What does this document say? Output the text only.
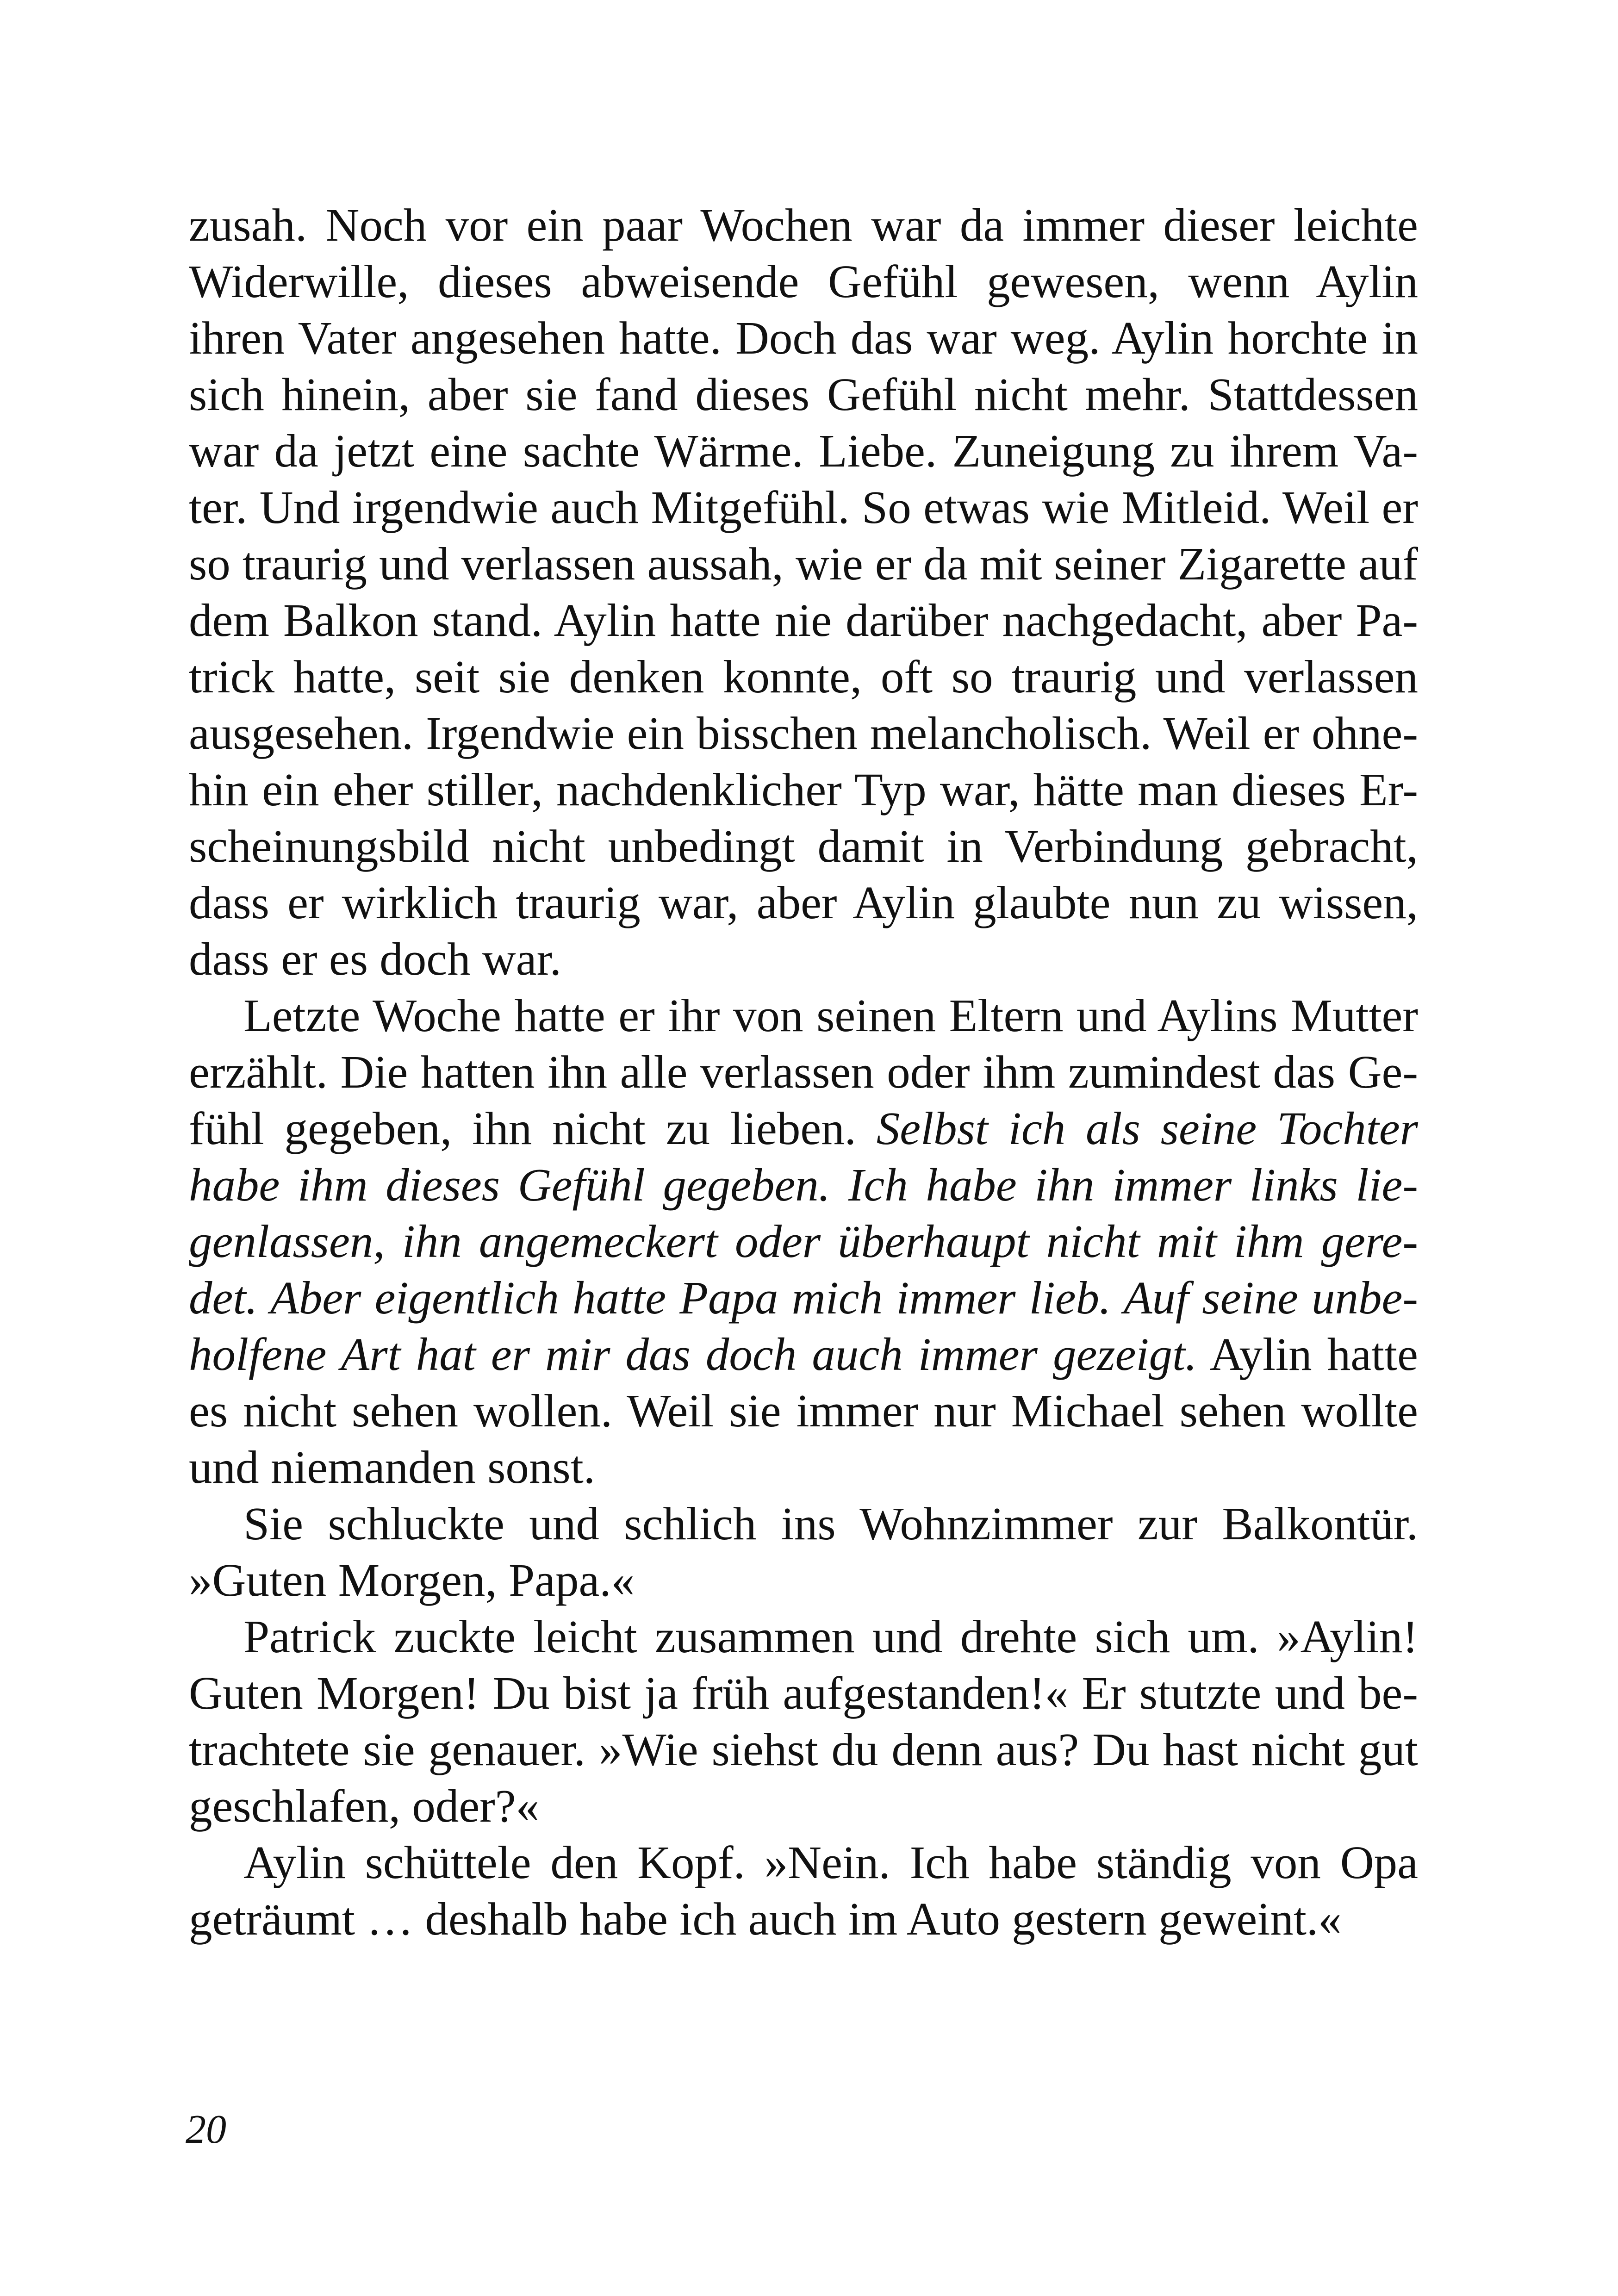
zusah. Noch vor ein paar Wochen war da immer dieser leichte
Widerwille, dieses abweisende Gefühl gewesen, wenn Aylin
ihren Vater angesehen hatte. Doch das war weg. Aylin horchte in
sich hinein, aber sie fand dieses Gefühl nicht mehr. Stattdessen
war da jetzt eine sachte Wärme. Liebe. Zuneigung zu ihrem Va-
ter. Und irgendwie auch Mitgefühl. So etwas wie Mitleid. Weil er
so traurig und verlassen aussah, wie er da mit seiner Zigarette auf
dem Balkon stand. Aylin hatte nie darüber nachgedacht, aber Pa-
trick hatte, seit sie denken konnte, oft so traurig und verlassen
ausgesehen. Irgendwie ein bisschen melancholisch. Weil er ohne-
hin ein eher stiller, nachdenklicher Typ war, hätte man dieses Er-
scheinungsbild nicht unbedingt damit in Verbindung gebracht,
dass er wirklich traurig war, aber Aylin glaubte nun zu wissen,
dass er es doch war.
Letzte Woche hatte er ihr von seinen Eltern und Aylins Mutter
erzählt. Die hatten ihn alle verlassen oder ihm zumindest das Ge-
fühl gegeben, ihn nicht zu lieben. Selbst ich als seine Tochter
habe ihm dieses Gefühl gegeben. Ich habe ihn immer links lie-
genlassen, ihn angemeckert oder überhaupt nicht mit ihm gere-
det. Aber eigentlich hatte Papa mich immer lieb. Auf seine unbe-
holfene Art hat er mir das doch auch immer gezeigt. Aylin hatte
es nicht sehen wollen. Weil sie immer nur Michael sehen wollte
und niemanden sonst.
Sie schluckte und schlich ins Wohnzimmer zur Balkontür.
»Guten Morgen, Papa.«
Patrick zuckte leicht zusammen und drehte sich um. »Aylin!
Guten Morgen! Du bist ja früh aufgestanden!« Er stutzte und be-
trachtete sie genauer. »Wie siehst du denn aus? Du hast nicht gut
geschlafen, oder?«
Aylin schüttele den Kopf. »Nein. Ich habe ständig von Opa
geträumt … deshalb habe ich auch im Auto gestern geweint.«
20
